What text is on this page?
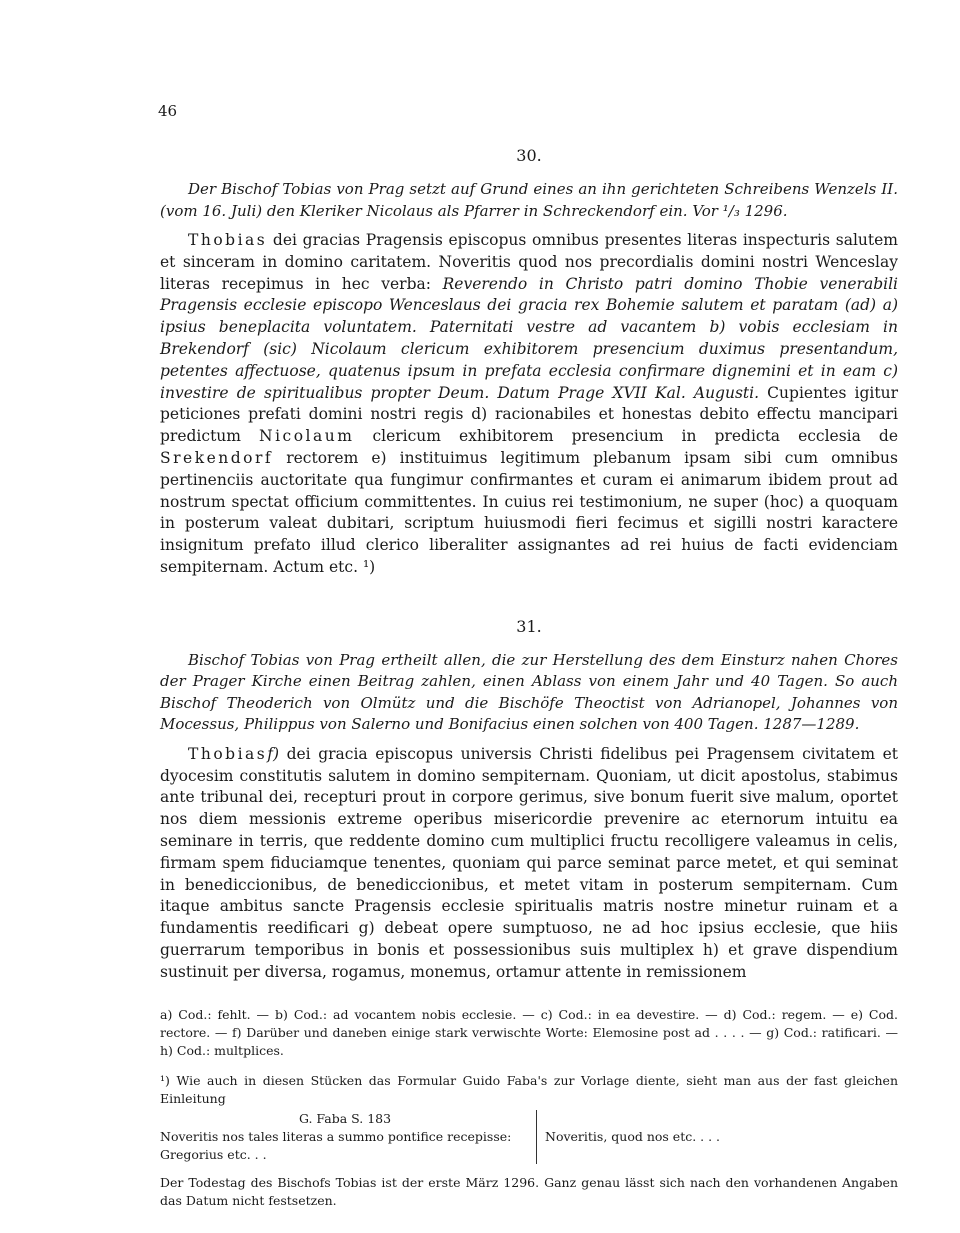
46
30.

Der Bischof Tobias von Prag setzt auf Grund eines an ihn gerichteten Schreibens Wenzels II. (vom 16. Juli) den Kleriker Nicolaus als Pfarrer in Schreckendorf ein. Vor ¹/₃ 1296.

Thobias dei gracias Pragensis episcopus omnibus presentes literas inspecturis salutem et sinceram in domino caritatem. Noveritis quod nos precordialis domini nostri Wenceslay literas recepimus in hec verba: Reverendo in Christo patri domino Thobie venerabili Pragensis ecclesie episcopo Wenceslaus dei gracia rex Bohemie salutem et paratam (ad) a) ipsius beneplacita voluntatem. Paternitati vestre ad vacantem b) vobis ecclesiam in Brekendorf (sic) Nicolaum clericum exhibitorem presencium duximus presentandum, petentes affectuose, quatenus ipsum in prefata ecclesia confirmare dignemini et in eam c) investire de spiritualibus propter Deum. Datum Prage XVII Kal. Augusti. Cupientes igitur peticiones prefati domini nostri regis d) racionabiles et honestas debito effectu mancipari predictum Nicolaum clericum exhibitorem presencium in predicta ecclesia de Srekendorf rectorem e) instituimus legitimum plebanum ipsam sibi cum omnibus pertinenciis auctoritate qua fungimur confirmantes et curam ei animarum ibidem prout ad nostrum spectat officium committentes. In cuius rei testimonium, ne super (hoc) a quoquam in posterum valeat dubitari, scriptum huiusmodi fieri fecimus et sigilli nostri karactere insignitum prefato illud clerico liberaliter assignantes ad rei huius de facti evidenciam sempiternam. Actum etc. ¹)

31.

Bischof Tobias von Prag ertheilt allen, die zur Herstellung des dem Einsturz nahen Chores der Prager Kirche einen Beitrag zahlen, einen Ablass von einem Jahr und 40 Tagen. So auch Bischof Theoderich von Olmütz und die Bischöfe Theoctist von Adrianopel, Johannes von Mocessus, Philippus von Salerno und Bonifacius einen solchen von 400 Tagen. 1287—1289.

Thobiasf) dei gracia episcopus universis Christi fidelibus pei Pragensem civitatem et dyocesim constitutis salutem in domino sempiternam. Quoniam, ut dicit apostolus, stabimus ante tribunal dei, recepturi prout in corpore gerimus, sive bonum fuerit sive malum, oportet nos diem messionis extreme operibus misericordie prevenire ac eternorum intuitu ea seminare in terris, que reddente domino cum multiplici fructu recolligere valeamus in celis, firmam spem fiduciamque tenentes, quoniam qui parce seminat parce metet, et qui seminat in benediccionibus, de benediccionibus, et metet vitam in posterum sempiternam. Cum itaque ambitus sancte Pragensis ecclesie spiritualis matris nostre minetur ruinam et a fundamentis reedificari g) debeat opere sumptuoso, ne ad hoc ipsius ecclesie, que hiis guerrarum temporibus in bonis et possessionibus suis multiplex h) et grave dispendium sustinuit per diversa, rogamus, monemus, ortamur attente in remissionem

a) Cod.: fehlt. — b) Cod.: ad vocantem nobis ecclesie. — c) Cod.: in ea devestire. — d) Cod.: regem. — e) Cod. rectore. — f) Darüber und daneben einige stark verwischte Worte: Elemosine post ad . . . . — g) Cod.: ratificari. — h) Cod.: multplices.

¹) Wie auch in diesen Stücken das Formular Guido Faba's zur Vorlage diente, sieht man aus der fast gleichen Einleitung

G. Faba S. 183
Noveritis nos tales literas a summo pontifice recepisse:
Gregorius etc. . .
Noveritis, quod nos etc. . . .

Der Todestag des Bischofs Tobias ist der erste März 1296. Ganz genau lässt sich nach den vorhandenen Angaben das Datum nicht festsetzen.
